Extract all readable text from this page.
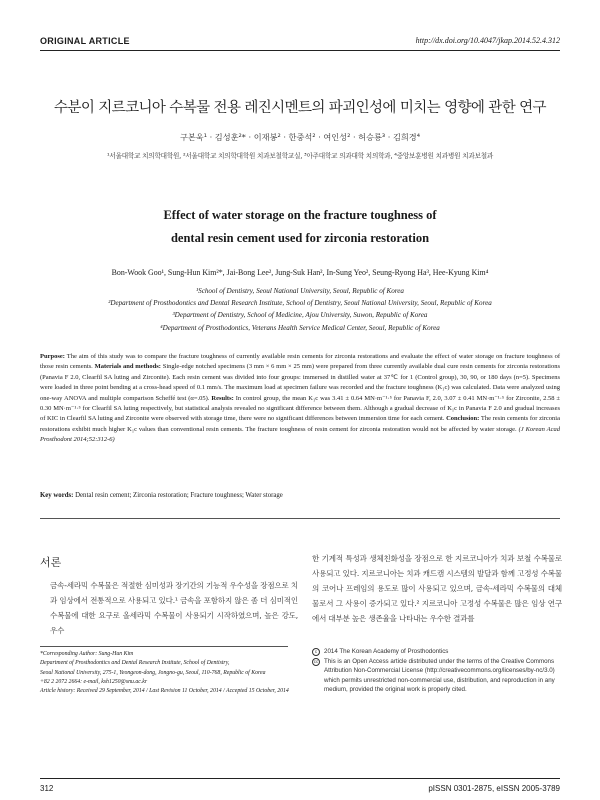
ORIGINAL ARTICLE	http://dx.doi.org/10.4047/jkap.2014.52.4.312
수분이 지르코니아 수복물 전용 레진시멘트의 파괴인성에 미치는 영향에 관한 연구
구본욱¹ · 김성훈²* · 이재봉² · 한중석² · 여인성² · 허승룡³ · 김희경⁴
¹서울대학교 치의학대학원, ²서울대학교 치의학대학원 치과보철학교실, ³아주대학교 의과대학 치의학과, ⁴중앙보훈병원 치과병원 치과보철과
Effect of water storage on the fracture toughness of
dental resin cement used for zirconia restoration
Bon-Wook Goo¹, Sung-Hun Kim²*, Jai-Bong Lee², Jung-Suk Han², In-Sung Yeo², Seung-Ryong Ha³, Hee-Kyung Kim⁴
¹School of Dentistry, Seoul National University, Seoul, Republic of Korea
²Department of Prosthodontics and Dental Research Institute, School of Dentistry, Seoul National University, Seoul, Republic of Korea
³Department of Dentistry, School of Medicine, Ajou University, Suwon, Republic of Korea
⁴Department of Prosthodontics, Veterans Health Service Medical Center, Seoul, Republic of Korea
Purpose: The aim of this study was to compare the fracture toughness of currently available resin cements for zirconia restorations and evaluate the effect of water storage on fracture toughness of those resin cements. Materials and methods: Single-edge notched specimens (3 mm × 6 mm × 25 mm) were prepared from three currently available dual cure resin cements for zirconia restorations (Panavia F 2.0, Clearfil SA luting and Zirconite). Each resin cement was divided into four groups: immersed in distilled water at 37℃ for 1 (Control group), 30, 90, or 180 days (n=5). Specimens were loaded in three point bending at a cross-head speed of 0.1 mm/s. The maximum load at specimen failure was recorded and the fracture toughness (K₁c) was calculated. Data were analyzed using one-way ANOVA and multiple comparison Scheffé test (α=.05). Results: In control group, the mean K₁c was 3.41 ± 0.64 MN·m⁻¹·⁵ for Panavia F, 2.0, 3.07 ± 0.41 MN·m⁻¹·⁵ for Zirconite, 2.58 ± 0.30 MN·m⁻¹·⁵ for Clearfil SA luting respectively, but statistical analysis revealed no significant difference between them. Although a gradual decrease of K₁c in Panavia F 2.0 and gradual increases of KIC in Clearfil SA luting and Zirconite were observed with storage time, there were no significant differences between immersion time for each cement. Conclusion: The resin cements for zirconia restorations exhibit much higher K₁c values than conventional resin cements. The fracture toughness of resin cement for zirconia restoration would not be affected by water storage. (J Korean Acad Prosthodont 2014;52:312-6)
Key words: Dental resin cement; Zirconia restoration; Fracture toughness; Water storage
서론
금속-세라믹 수복물은 적절한 심미성과 장기간의 기능적 우수성을 장점으로 치과 임상에서 전통적으로 사용되고 있다.¹ 금속을 포함하지 않은 좀 더 심미적인 수복물에 대한 요구로 올세라믹 수복물이 사용되기 시작하였으며, 높은 강도, 우수
한 기계적 특성과 생체친화성을 장점으로 한 지르코니아가 치과 보철 수복물로 사용되고 있다. 지르코니아는 치과 캐드캠 시스템의 발달과 함께 고정성 수복물의 코어나 프레임의 용도로 많이 사용되고 있으며, 금속-세라믹 수복물의 대체물로서 그 사용이 증가되고 있다.² 지르코니아 고정성 수복물은 많은 임상 연구에서 대부분 높은 생존율을 나타내는 우수한 결과를
*Corresponding Author: Sung-Hun Kim
Department of Prosthodontics and Dental Research Institute, School of Dentistry,
Seoul National University, 275-1, Yeongeon-dong, Jongno-gu, Seoul, 110-768, Republic of Korea
+82 2 2072 2664: e-mail, ksh1250@snu.ac.kr
Article history: Received 29 September, 2014 / Last Revision 11 October, 2014 / Accepted 15 October, 2014
c	2014 The Korean Academy of Prosthodontics
cc This is an Open Access article distributed under the terms of the Creative Commons Attribution Non-Commercial License (http://creativecommons.org/licenses/by-nc/3.0) which permits unrestricted non-commercial use, distribution, and reproduction in any medium, provided the original work is properly cited.
312	pISSN 0301-2875, eISSN 2005-3789
